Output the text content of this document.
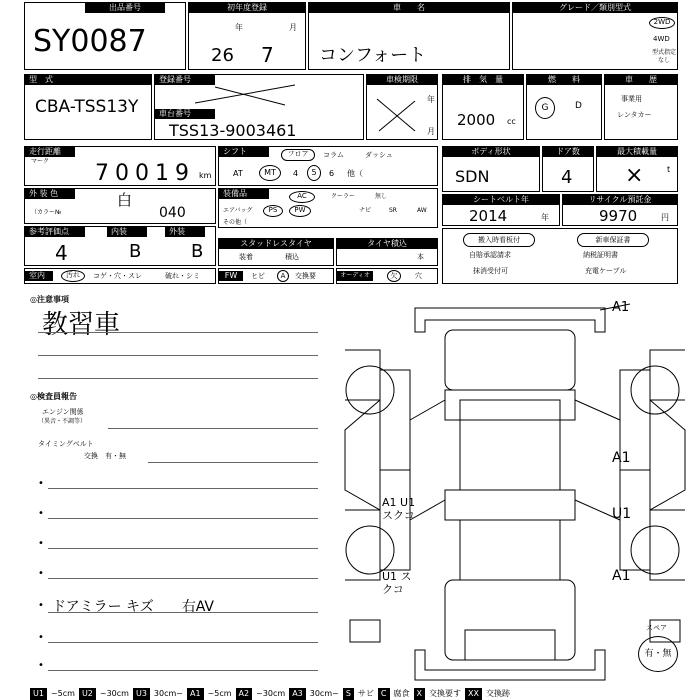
出品番号
SY0087
初年度登録
年	月
26 7
車　　名
コンフォート
グレード／類別型式
2WD
4WD
型式指定なし
型　式
CBA-TSS13Y
登録番号
車台番号
TSS13-9003461
車検期限
年
月
排　気　量
2000 cc
燃　　料
G	D
車　　歴
事業用
レンタカー
走行距離
マーク 70019 km
シフト	フロア	コラム	ダッシュ
AT	MT	4	5	6 他（
ボディ形状
SDN
ドア数
4
最大積載量
×	t
外 装 色	白
（カラー№	040
装備品	AC	クーラー	無し
エアバッグ	PS	PW	ナビ	SR	AW
その他（
シートベルト年
2014	年
リサイクル預託金
9970	円
参考評価点	内装	外装
4	B	B	スタッドレスタイヤ
装着	積込
タイヤ積込
本
搬入時看板付	新車保証書
自賠承認請求	納税証明書
抹消受付可	充電ケーブル
室内	汚れ	コゲ・穴・スレ	破れ・シミ	FW	ヒビ	A	交換要	オーディオ	欠	穴
◎注意事項
教習車
◎検査員報告
エンジン関係
（異音・不調等）
タイミングベルト
交換　有・無
•
•
•
•
• ドアミラー キズ　　右AV
•
•
A1
A1
U1
A1
A1 U1 スクコ
U1 スクコ
スペア
有・無
U1 ~5cm U2 ~30cm U3 30cm~ A1 ~5cm A2 ~30cm A3 30cm~ S サビ C 腐食 X 交換要す XX 交換跡
